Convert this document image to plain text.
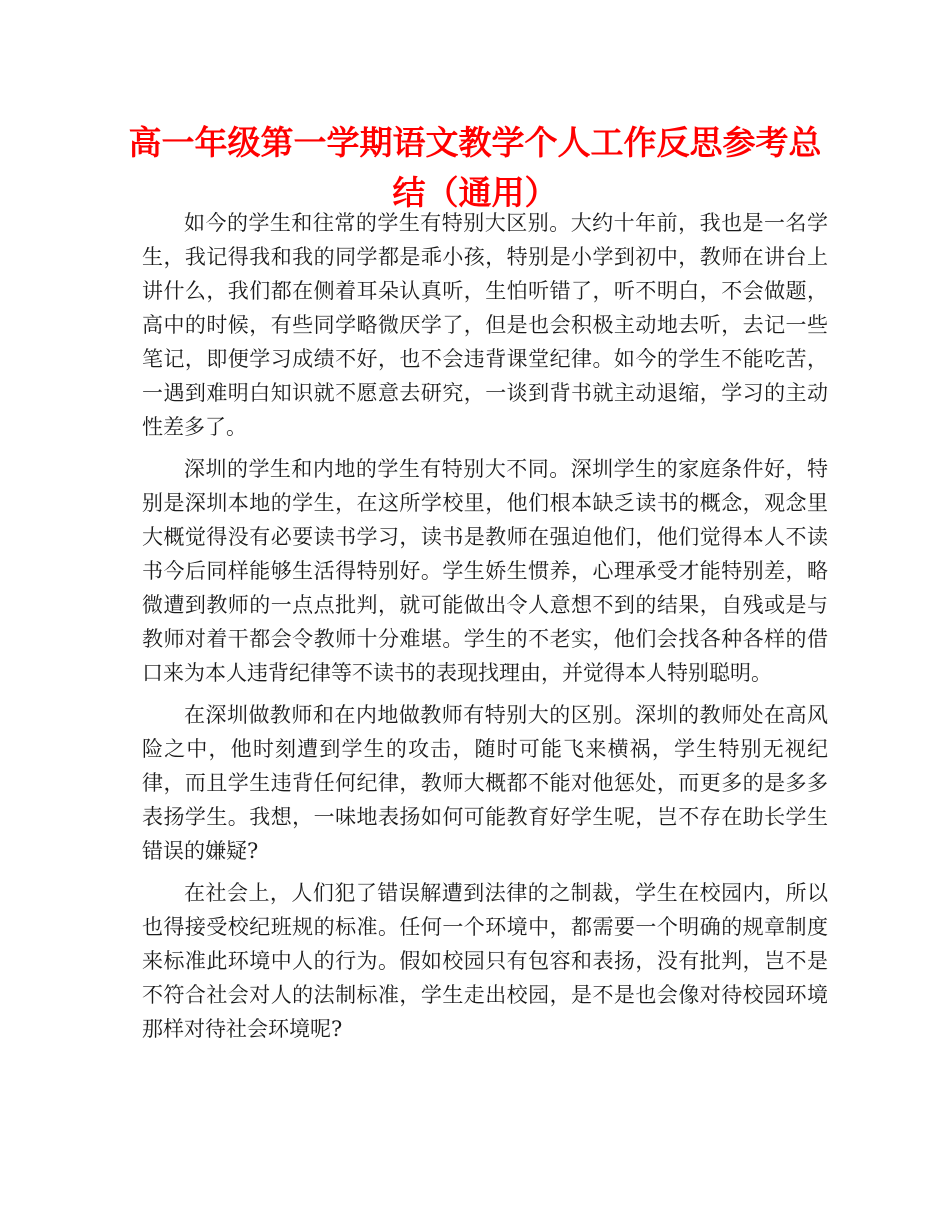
高一年级第一学期语文教学个人工作反思参考总结（通用）

如今的学生和往常的学生有特别大区别。大约十年前，我也是一名学生，我记得我和我的同学都是乖小孩，特别是小学到初中，教师在讲台上讲什么，我们都在侧着耳朵认真听，生怕听错了，听不明白，不会做题，高中的时候，有些同学略微厌学了，但是也会积极主动地去听，去记一些笔记，即便学习成绩不好，也不会违背课堂纪律。如今的学生不能吃苦，一遇到难明白知识就不愿意去研究，一谈到背书就主动退缩，学习的主动性差多了。

深圳的学生和内地的学生有特别大不同。深圳学生的家庭条件好，特别是深圳本地的学生，在这所学校里，他们根本缺乏读书的概念，观念里大概觉得没有必要读书学习，读书是教师在强迫他们，他们觉得本人不读书今后同样能够生活得特别好。学生娇生惯养，心理承受才能特别差，略微遭到教师的一点点批判，就可能做出令人意想不到的结果，自残或是与教师对着干都会令教师十分难堪。学生的不老实，他们会找各种各样的借口来为本人违背纪律等不读书的表现找理由，并觉得本人特别聪明。

在深圳做教师和在内地做教师有特别大的区别。深圳的教师处在高风险之中，他时刻遭到学生的攻击，随时可能飞来横祸，学生特别无视纪律，而且学生违背任何纪律，教师大概都不能对他惩处，而更多的是多多表扬学生。我想，一味地表扬如何可能教育好学生呢，岂不存在助长学生错误的嫌疑?

在社会上，人们犯了错误解遭到法律的之制裁，学生在校园内，所以也得接受校纪班规的标准。任何一个环境中，都需要一个明确的规章制度来标准此环境中人的行为。假如校园只有包容和表扬，没有批判，岂不是不符合社会对人的法制标准，学生走出校园，是不是也会像对待校园环境那样对待社会环境呢?
